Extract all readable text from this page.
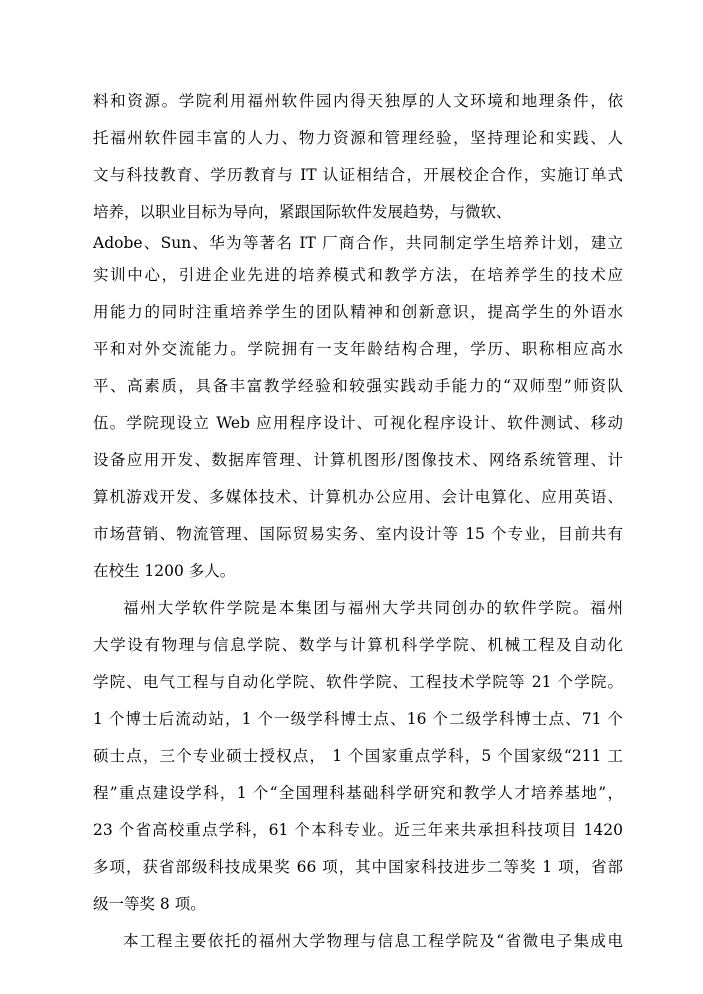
料和资源。学院利用福州软件园内得天独厚的人文环境和地理条件，依
托福州软件园丰富的人力、物力资源和管理经验，坚持理论和实践、人
文与科技教育、学历教育与 IT 认证相结合，开展校企合作，实施订单式
培养，以职业目标为导向，紧跟国际软件发展趋势，与微软、
Adobe、Sun、华为等著名 IT 厂商合作，共同制定学生培养计划，建立
实训中心，引进企业先进的培养模式和教学方法，在培养学生的技术应
用能力的同时注重培养学生的团队精神和创新意识，提高学生的外语水
平和对外交流能力。学院拥有一支年龄结构合理，学历、职称相应高水
平、高素质，具备丰富教学经验和较强实践动手能力的“双师型”师资队
伍。学院现设立 Web 应用程序设计、可视化程序设计、软件测试、移动
设备应用开发、数据库管理、计算机图形/图像技术、网络系统管理、计
算机游戏开发、多媒体技术、计算机办公应用、会计电算化、应用英语、
市场营销、物流管理、国际贸易实务、室内设计等 15 个专业，目前共有
在校生 1200 多人。
福州大学软件学院是本集团与福州大学共同创办的软件学院。福州
大学设有物理与信息学院、数学与计算机科学学院、机械工程及自动化
学院、电气工程与自动化学院、软件学院、工程技术学院等 21 个学院。
1 个博士后流动站，1 个一级学科博士点、16 个二级学科博士点、71 个
硕士点，三个专业硕士授权点， 1 个国家重点学科，5 个国家级“211 工
程”重点建设学科，1 个“全国理科基础科学研究和教学人才培养基地”，
23 个省高校重点学科，61 个本科专业。近三年来共承担科技项目 1420
多项，获省部级科技成果奖 66 项，其中国家科技进步二等奖 1 项，省部
级一等奖 8 项。
本工程主要依托的福州大学物理与信息工程学院及“省微电子集成电
